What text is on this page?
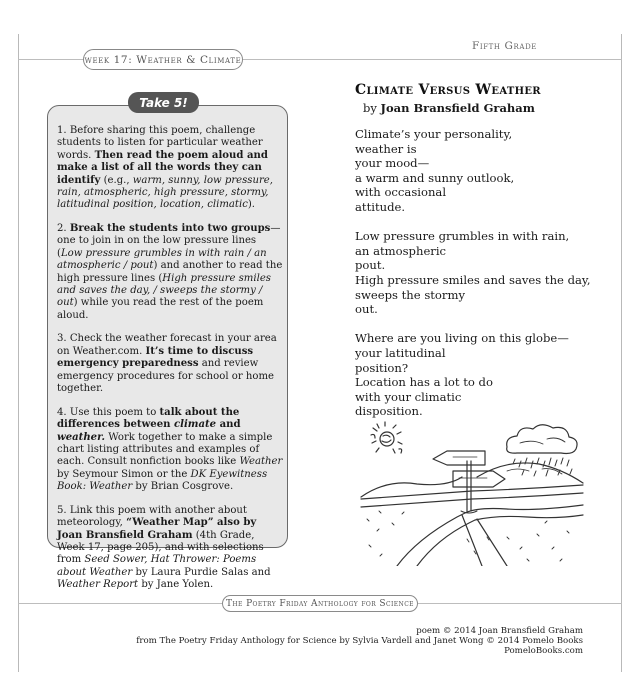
week 17: Weather & Climate
Fifth Grade
Take 5!

1. Before sharing this poem, challenge students to listen for particular weather words. Then read the poem aloud and make a list of all the words they can identify (e.g., warm, sunny, low pressure, rain, atmospheric, high pressure, stormy, latitudinal position, location, climatic).

2. Break the students into two groups—one to join in on the low pressure lines (Low pressure grumbles in with rain / an atmospheric / pout) and another to read the high pressure lines (High pressure smiles and saves the day, / sweeps the stormy / out) while you read the rest of the poem aloud.

3. Check the weather forecast in your area on Weather.com. It’s time to discuss emergency preparedness and review emergency procedures for school or home together.

4. Use this poem to talk about the differences between climate and weather. Work together to make a simple chart listing attributes and examples of each. Consult nonfiction books like Weather by Seymour Simon or the DK Eyewitness Book: Weather by Brian Cosgrove.

5. Link this poem with another about meteorology, “Weather Map” also by Joan Bransfield Graham (4th Grade, Week 17, page 205), and with selections from Seed Sower, Hat Thrower: Poems about Weather by Laura Purdie Salas and Weather Report by Jane Yolen.

Climate Versus Weather
by Joan Bransfield Graham
Climate’s your personality,
weather is
your mood—
a warm and sunny outlook,
with occasional
attitude.
Low pressure grumbles in with rain,
an atmospheric
pout.
High pressure smiles and saves the day,
sweeps the stormy
out.
Where are you living on this globe—
your latitudinal
position?
Location has a lot to do
with your climatic
disposition.
The Poetry Friday Anthology for Science
poem © 2014 Joan Bransfield Graham
from The Poetry Friday Anthology for Science by Sylvia Vardell and Janet Wong © 2014 Pomelo Books
PomeloBooks.com
